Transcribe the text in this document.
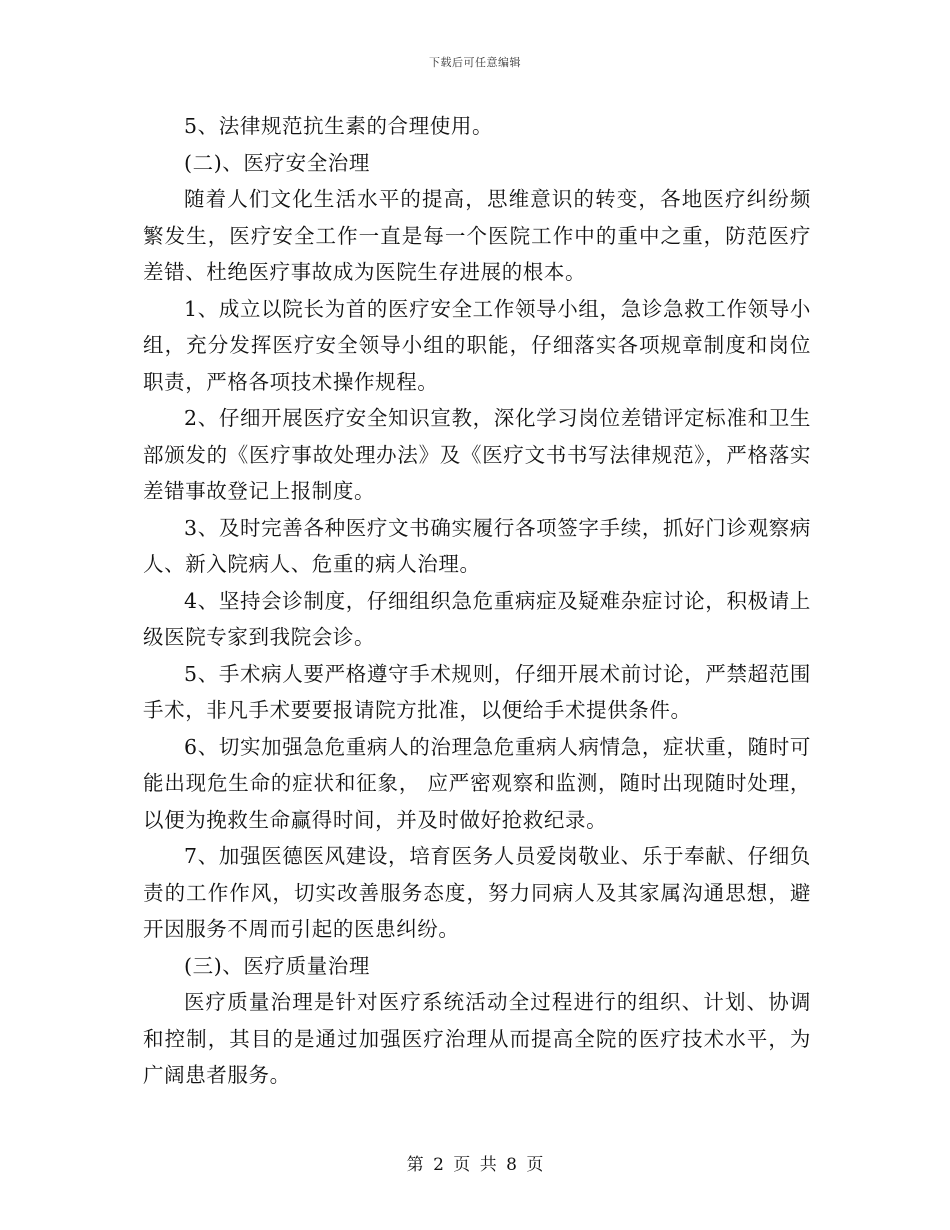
下载后可任意编辑

5、法律规范抗生素的合理使用。

(二)、医疗安全治理

随着人们文化生活水平的提高，思维意识的转变，各地医疗纠纷频繁发生，医疗安全工作一直是每一个医院工作中的重中之重，防范医疗差错、杜绝医疗事故成为医院生存进展的根本。

1、成立以院长为首的医疗安全工作领导小组，急诊急救工作领导小组，充分发挥医疗安全领导小组的职能，仔细落实各项规章制度和岗位职责，严格各项技术操作规程。

2、仔细开展医疗安全知识宣教，深化学习岗位差错评定标准和卫生部颁发的《医疗事故处理办法》及《医疗文书书写法律规范》，严格落实差错事故登记上报制度。

3、及时完善各种医疗文书确实履行各项签字手续，抓好门诊观察病人、新入院病人、危重的病人治理。

4、坚持会诊制度，仔细组织急危重病症及疑难杂症讨论，积极请上级医院专家到我院会诊。

5、手术病人要严格遵守手术规则，仔细开展术前讨论，严禁超范围手术，非凡手术要要报请院方批准，以便给手术提供条件。

6、切实加强急危重病人的治理急危重病人病情急，症状重，随时可能出现危生命的症状和征象， 应严密观察和监测，随时出现随时处理，以便为挽救生命赢得时间，并及时做好抢救纪录。

7、加强医德医风建设，培育医务人员爱岗敬业、乐于奉献、仔细负责的工作作风，切实改善服务态度，努力同病人及其家属沟通思想，避开因服务不周而引起的医患纠纷。

(三)、医疗质量治理

医疗质量治理是针对医疗系统活动全过程进行的组织、计划、协调和控制，其目的是通过加强医疗治理从而提高全院的医疗技术水平，为广阔患者服务。

第 2 页 共 8 页
